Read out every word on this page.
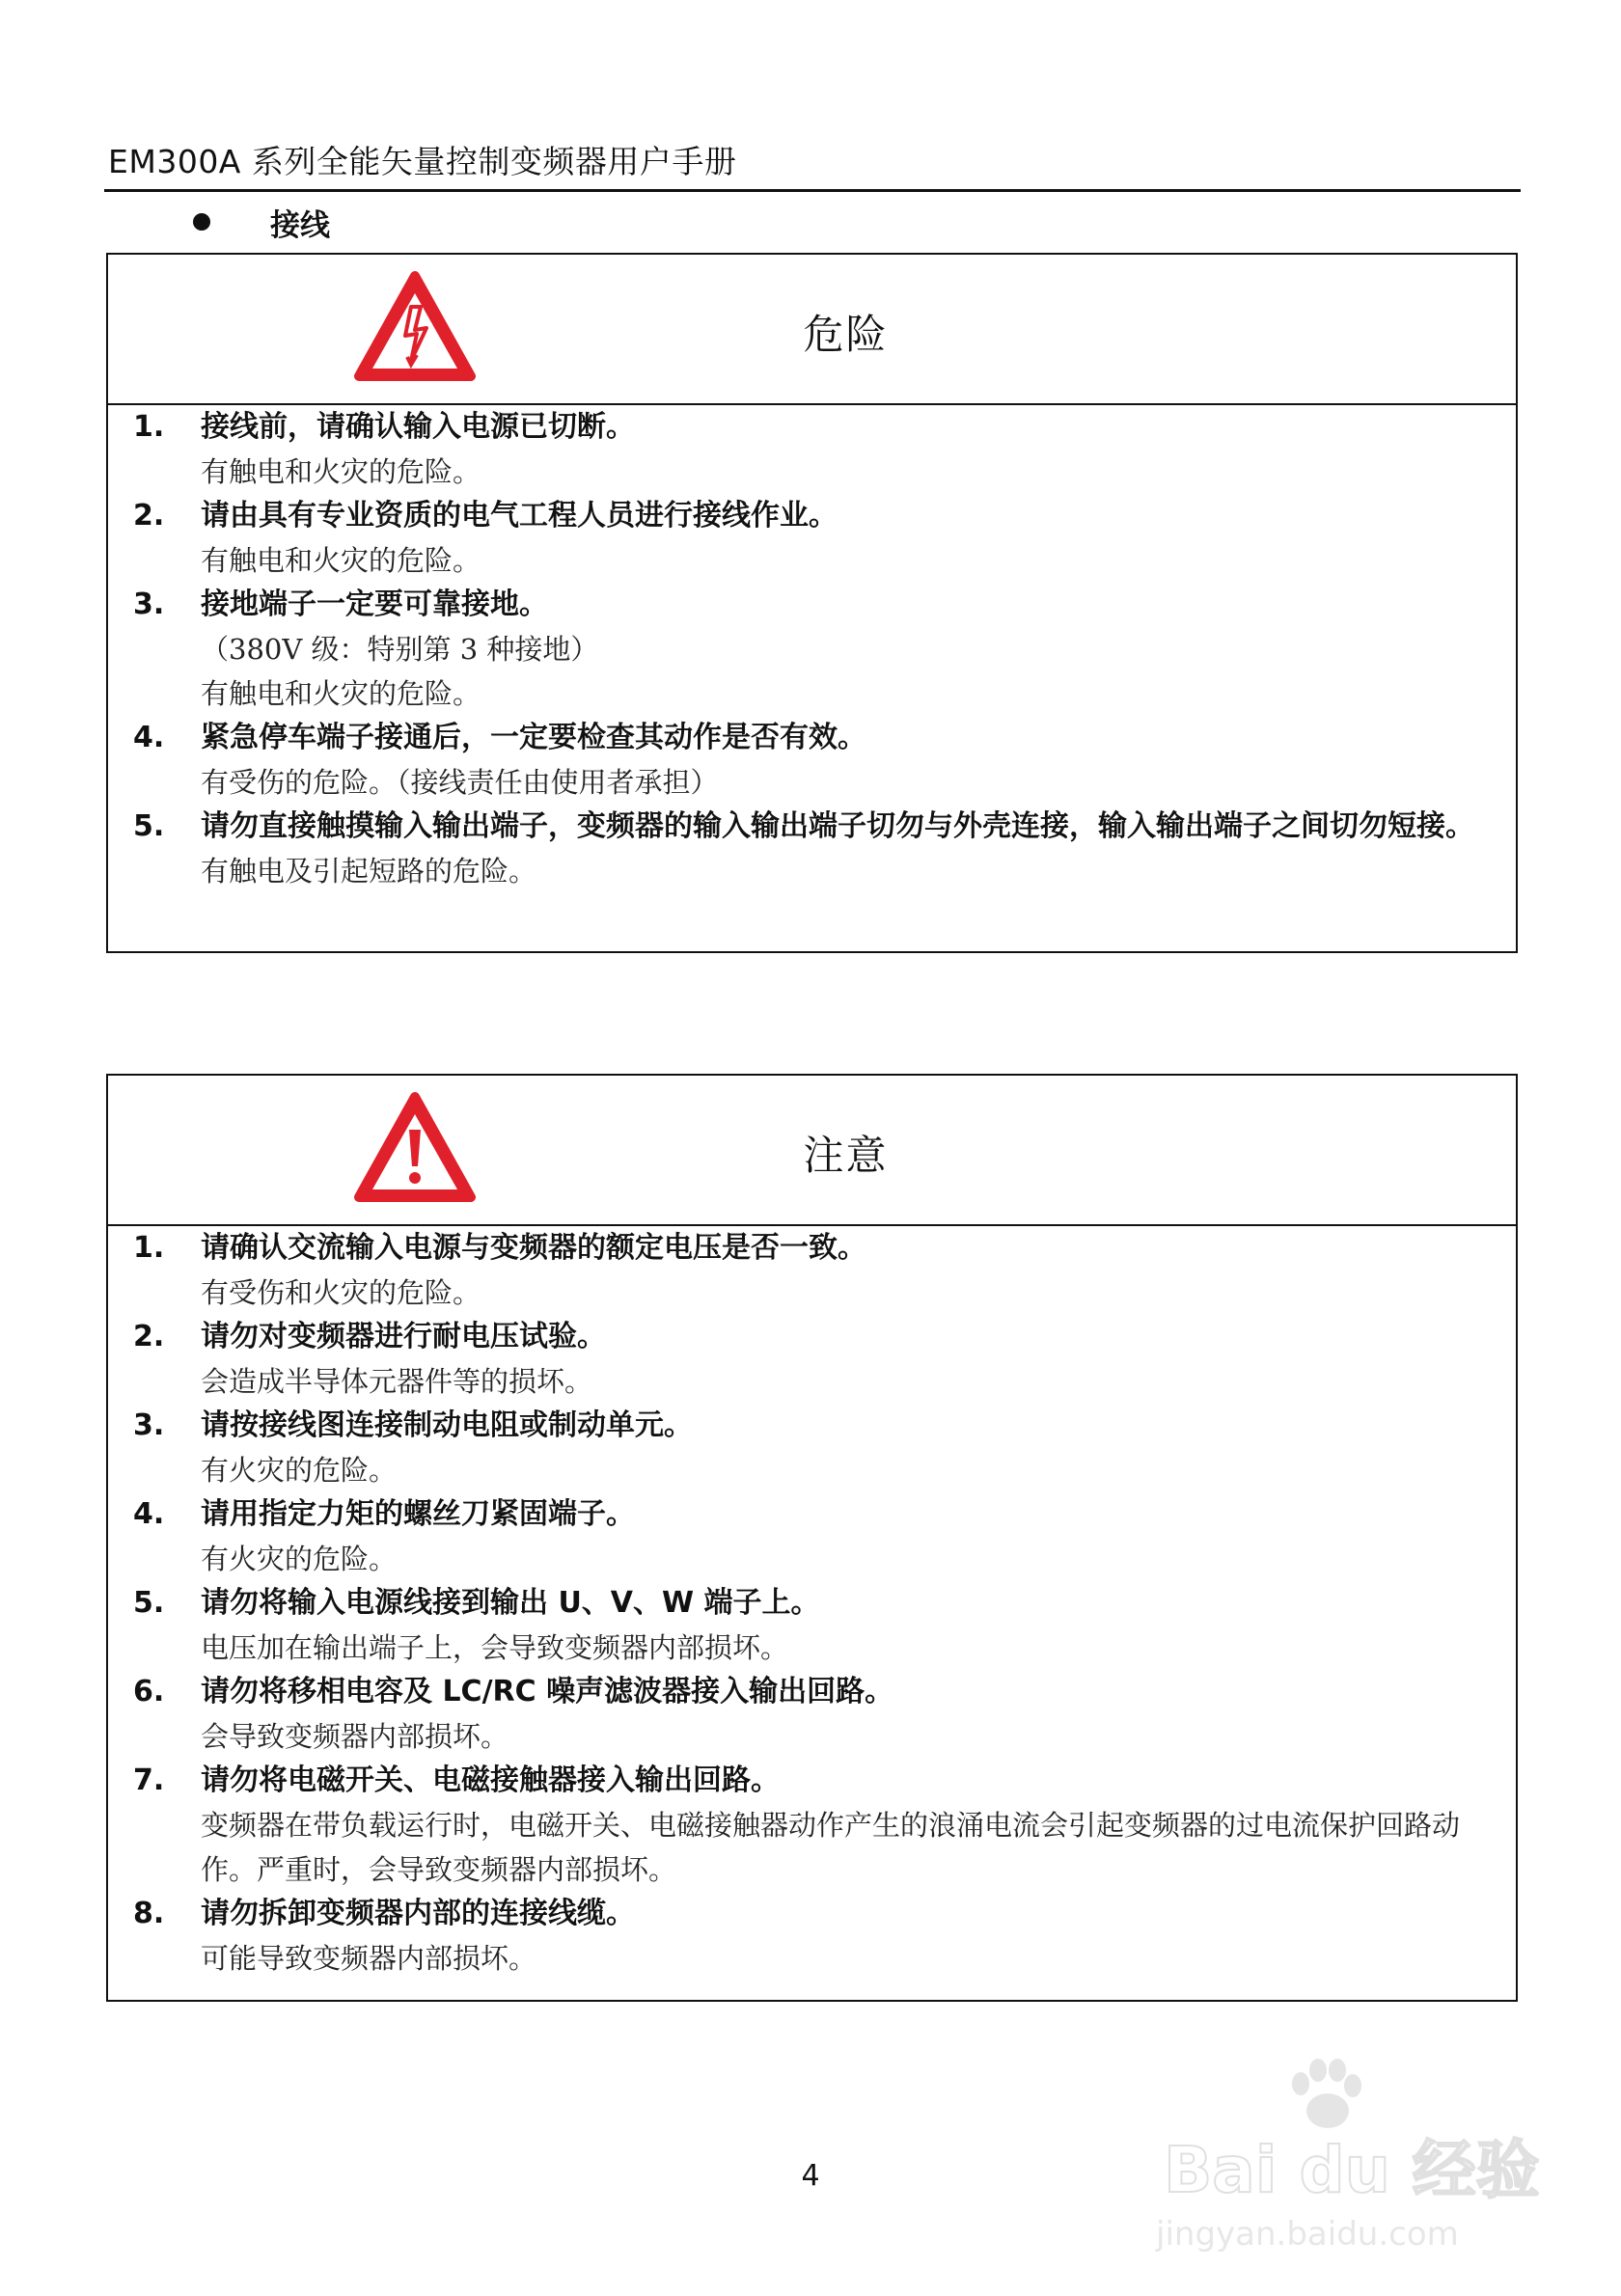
EM300A 系列全能矢量控制变频器用户手册
接线
危险
1.	接线前，请确认输入电源已切断。
有触电和火灾的危险。
2.	请由具有专业资质的电气工程人员进行接线作业。
有触电和火灾的危险。
3.	接地端子一定要可靠接地。
（380V 级：特别第 3 种接地）
有触电和火灾的危险。
4.	紧急停车端子接通后，一定要检查其动作是否有效。
有受伤的危险。（接线责任由使用者承担）
5.	请勿直接触摸输入输出端子，变频器的输入输出端子切勿与外壳连接，输入输出端子之间切勿短接。
有触电及引起短路的危险。
注意
1.	请确认交流输入电源与变频器的额定电压是否一致。
有受伤和火灾的危险。
2.	请勿对变频器进行耐电压试验。
会造成半导体元器件等的损坏。
3.	请按接线图连接制动电阻或制动单元。
有火灾的危险。
4.	请用指定力矩的螺丝刀紧固端子。
有火灾的危险。
5.	请勿将输入电源线接到输出 U、V、W 端子上。
电压加在输出端子上，会导致变频器内部损坏。
6.	请勿将移相电容及 LC/RC 噪声滤波器接入输出回路。
会导致变频器内部损坏。
7.	请勿将电磁开关、电磁接触器接入输出回路。
变频器在带负载运行时，电磁开关、电磁接触器动作产生的浪涌电流会引起变频器的过电流保护回路动作。严重时，会导致变频器内部损坏。
8.	请勿拆卸变频器内部的连接线缆。
可能导致变频器内部损坏。
4	Bai du 经验
jingyan.baidu.com
